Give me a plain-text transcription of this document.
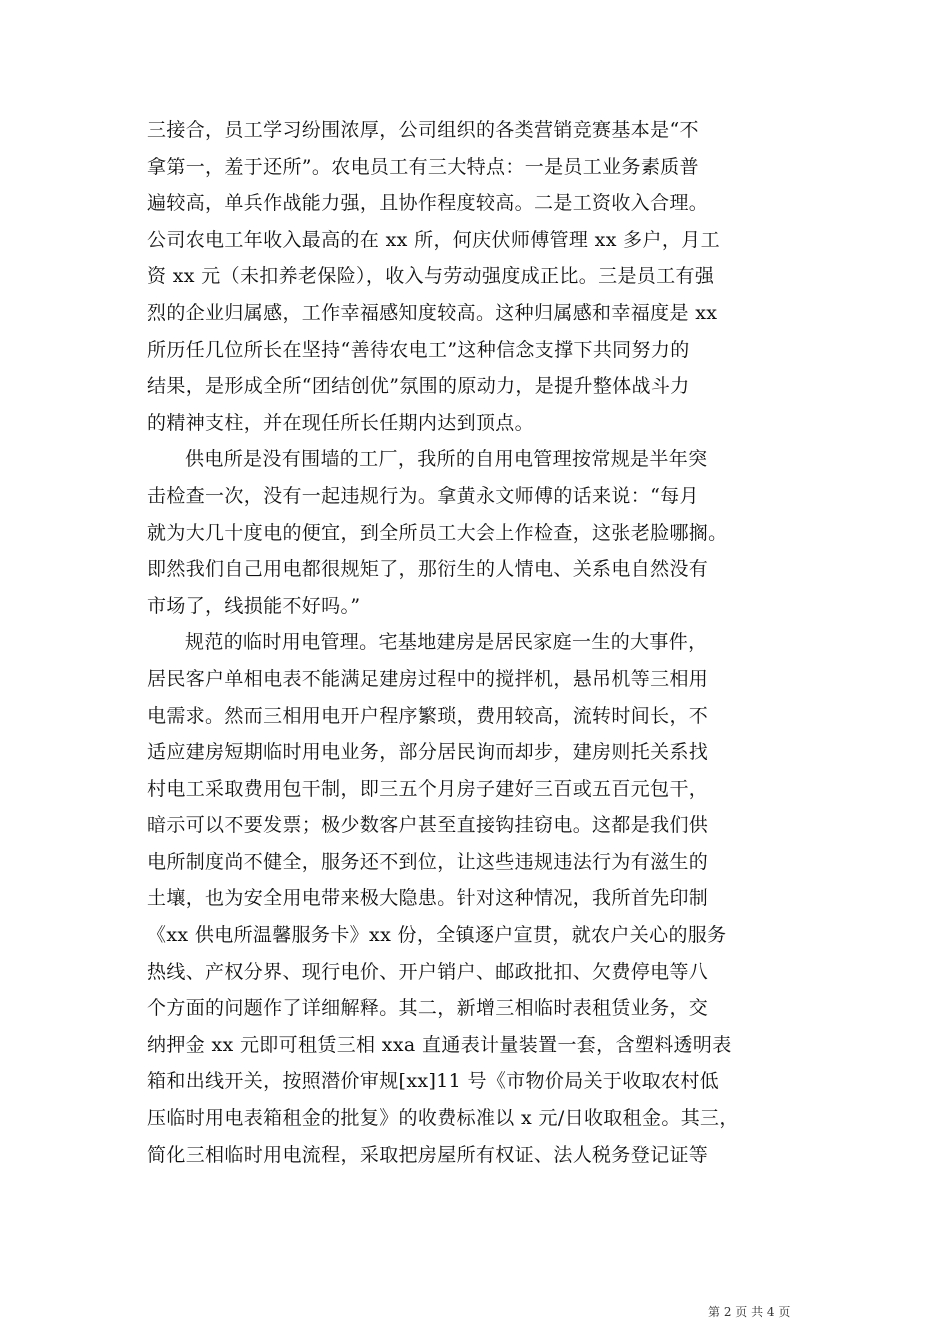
三接合，员工学习纷围浓厚，公司组织的各类营销竞赛基本是“不
拿第一，羞于还所”。农电员工有三大特点：一是员工业务素质普
遍较高，单兵作战能力强，且协作程度较高。二是工资收入合理。
公司农电工年收入最高的在 xx 所，何庆伏师傅管理 xx 多户，月工
资 xx 元（未扣养老保险），收入与劳动强度成正比。三是员工有强
烈的企业归属感，工作幸福感知度较高。这种归属感和幸福度是 xx
所历任几位所长在坚持“善待农电工”这种信念支撑下共同努力的
结果，是形成全所“团结创优”氛围的原动力，是提升整体战斗力
的精神支柱，并在现任所长任期内达到顶点。
供电所是没有围墙的工厂，我所的自用电管理按常规是半年突
击检查一次，没有一起违规行为。拿黄永文师傅的话来说：“每月
就为大几十度电的便宜，到全所员工大会上作检查，这张老脸哪搁。
即然我们自己用电都很规矩了，那衍生的人情电、关系电自然没有
市场了，线损能不好吗。”
规范的临时用电管理。宅基地建房是居民家庭一生的大事件，
居民客户单相电表不能满足建房过程中的搅拌机，悬吊机等三相用
电需求。然而三相用电开户程序繁琐，费用较高，流转时间长，不
适应建房短期临时用电业务，部分居民询而却步，建房则托关系找
村电工采取费用包干制，即三五个月房子建好三百或五百元包干，
暗示可以不要发票；极少数客户甚至直接钩挂窃电。这都是我们供
电所制度尚不健全，服务还不到位，让这些违规违法行为有滋生的
土壤，也为安全用电带来极大隐患。针对这种情况，我所首先印制
《xx 供电所温馨服务卡》xx 份，全镇逐户宣贯，就农户关心的服务
热线、产权分界、现行电价、开户销户、邮政批扣、欠费停电等八
个方面的问题作了详细解释。其二，新增三相临时表租赁业务，交
纳押金 xx 元即可租赁三相 xxa 直通表计量装置一套，含塑料透明表
箱和出线开关，按照潜价审规[xx]11 号《市物价局关于收取农村低
压临时用电表箱租金的批复》的收费标准以 x 元/日收取租金。其三，
简化三相临时用电流程，采取把房屋所有权证、法人税务登记证等
第 2 页 共 4 页
